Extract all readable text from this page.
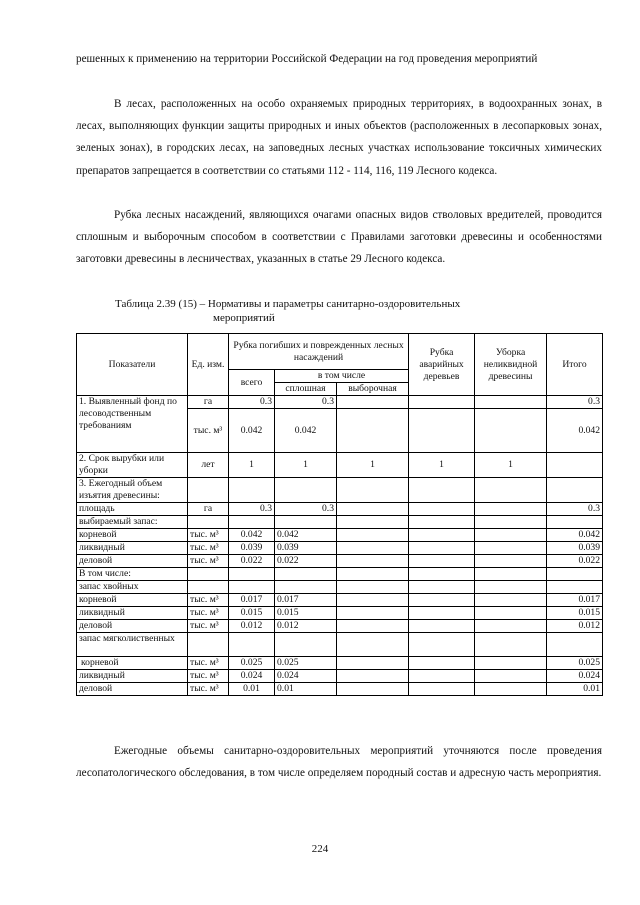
решенных к применению на территории Российской Федерации на год проведения мероприятий
В лесах, расположенных на особо охраняемых природных территориях, в водоохранных зонах, в лесах, выполняющих функции защиты природных и иных объектов (расположенных в лесопарковых зонах, зеленых зонах), в городских лесах, на заповедных лесных участках использование токсичных химических препаратов запрещается в соответствии со статьями 112 - 114, 116, 119 Лесного кодекса.
Рубка лесных насаждений, являющихся очагами опасных видов стволовых вредителей, проводится сплошным и выборочным способом в соответствии с Правилами заготовки древесины и особенностями заготовки древесины в лесничествах, указанных в статье 29 Лесного кодекса.
Таблица 2.39 (15) – Нормативы и параметры санитарно-оздоровительных
мероприятий
Показатели	Ед. изм.	Рубка погибших и поврежденных лесных насаждений			Рубка аварийных деревьев	Уборка неликвидной древесины	Итого
		всего	в том числе				
			сплошная	выборочная			
1. Выявленный фонд по лесоводственным требованиям	га	0.3	0.3				0.3
	тыс. м³	0.042	0.042				0.042
2. Срок вырубки или уборки	лет	1	1	1	1	1	
3. Ежегодный объем изъятия древесины:							
площадь	га	0.3	0.3				0.3
выбираемый запас:							
корневой	тыс. м³	0.042	0.042				0.042
ликвидный	тыс. м³	0.039	0.039				0.039
деловой	тыс. м³	0.022	0.022				0.022
В том числе:							
запас хвойных							
корневой	тыс. м³	0.017	0.017				0.017
ликвидный	тыс. м³	0.015	0.015				0.015
деловой	тыс. м³	0.012	0.012				0.012
запас мягколиственных							
корневой	тыс. м³	0.025	0.025				0.025
ликвидный	тыс. м³	0.024	0.024				0.024
деловой	тыс. м³	0.01	0.01				0.01
Ежегодные объемы санитарно-оздоровительных мероприятий уточняются после проведения лесопатологического обследования, в том числе определяем породный состав и адресную часть мероприятия.
224
